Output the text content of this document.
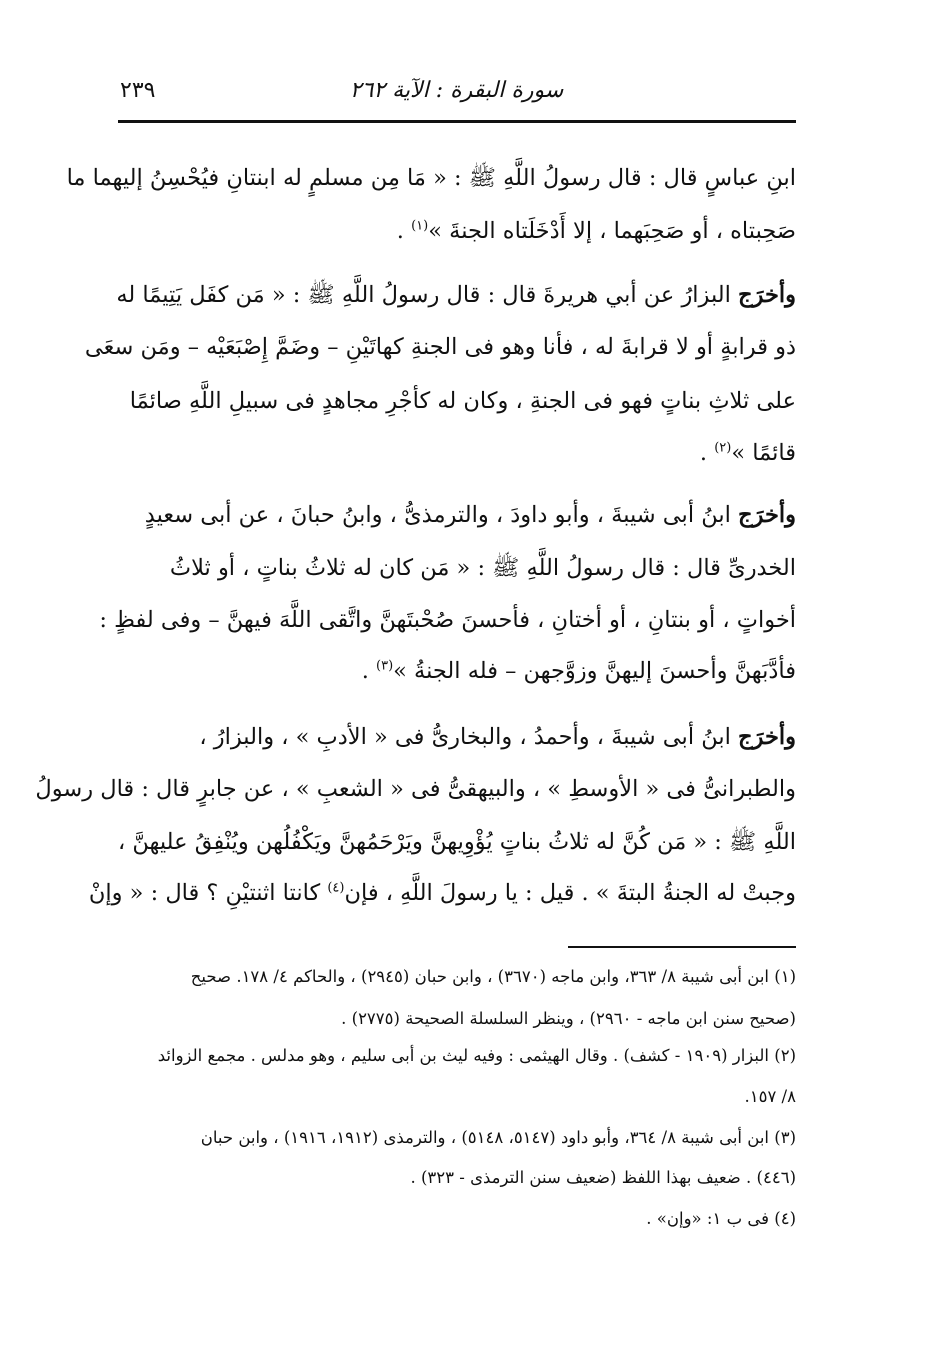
سورة البقرة : الآية ٢٦٢
٢٣٩
ابنِ عباسٍ قال : قال رسولُ اللَّهِ ﷺ : « مَا مِن مسلمٍ له ابنتانِ فيُحْسِنُ إليهما ما
صَحِبتاه ، أو صَحِبَهما ، إلا أَدْخَلَتاه الجنةَ »$^{(١)}$ .
وأخرَج البزارُ عن أبي هريرةَ قال : قال رسولُ اللَّهِ ﷺ : « مَن كفَل يَتِيمًا له
ذو قرابةٍ أو لا قرابةَ له ، فأنا وهو فى الجنةِ كهاتَيْنِ – وضَمَّ إِصْبَعَيْه – ومَن سعَى
على ثلاثِ بناتٍ فهو فى الجنةِ ، وكان له كأجْرِ مجاهدٍ فى سبيلِ اللَّهِ صائمًا
قائمًا »$^{(٢)}$ .
وأخرَج ابنُ أبى شيبةَ ، وأبو داودَ ، والترمذىُّ ، وابنُ حبانَ ، عن أبى سعيدٍ
الخدرىِّ قال : قال رسولُ اللَّهِ ﷺ : « مَن كان له ثلاثُ بناتٍ ، أو ثلاثُ
أخواتٍ ، أو بنتانِ ، أو أختانِ ، فأحسنَ صُحْبتَهنَّ واتَّقى اللَّهَ فيهنَّ – وفى لفظٍ :
فأدَّبَهنَّ وأحسنَ إليهنَّ وزوَّجهن – فله الجنةُ »$^{(٣)}$ .
وأخرَج ابنُ أبى شيبةَ ، وأحمدُ ، والبخارىُّ فى « الأدبِ » ، والبزارُ ،
والطبرانىُّ فى « الأوسطِ » ، والبيهقىُّ فى « الشعبِ » ، عن جابرٍ قال : قال رسولُ
اللَّهِ ﷺ : « مَن كُنَّ له ثلاثُ بناتٍ يُؤْوِيهنَّ ويَرْحَمُهنَّ ويَكْفُلُهن ويُنْفِقُ عليهنَّ ،
وجبتْ له الجنةُ البتةَ » . قيل : يا رسولَ اللَّهِ ، فإن$^{(٤)}$ كانتا اثنتيْنِ ؟ قال : « وإنْ
(١) ابن أبى شيبة ٨/ ٣٦٣، وابن ماجه (٣٦٧٠) ، وابن حبان (٢٩٤٥) ، والحاكم ٤/ ١٧٨. صحيح
(صحيح سنن ابن ماجه - ٢٩٦٠) ، وينظر السلسلة الصحيحة (٢٧٧٥) .
(٢) البزار (١٩٠٩ - كشف) . وقال الهيثمى : وفيه ليث بن أبى سليم ، وهو مدلس . مجمع الزوائد
٨/ ١٥٧.
(٣) ابن أبى شيبة ٨/ ٣٦٤، وأبو داود (٥١٤٧، ٥١٤٨) ، والترمذى (١٩١٢، ١٩١٦) ، وابن حبان
(٤٤٦) . ضعيف بهذا اللفظ (ضعيف سنن الترمذى - ٣٢٣) .
(٤) فى ب ١: «وإن» .
